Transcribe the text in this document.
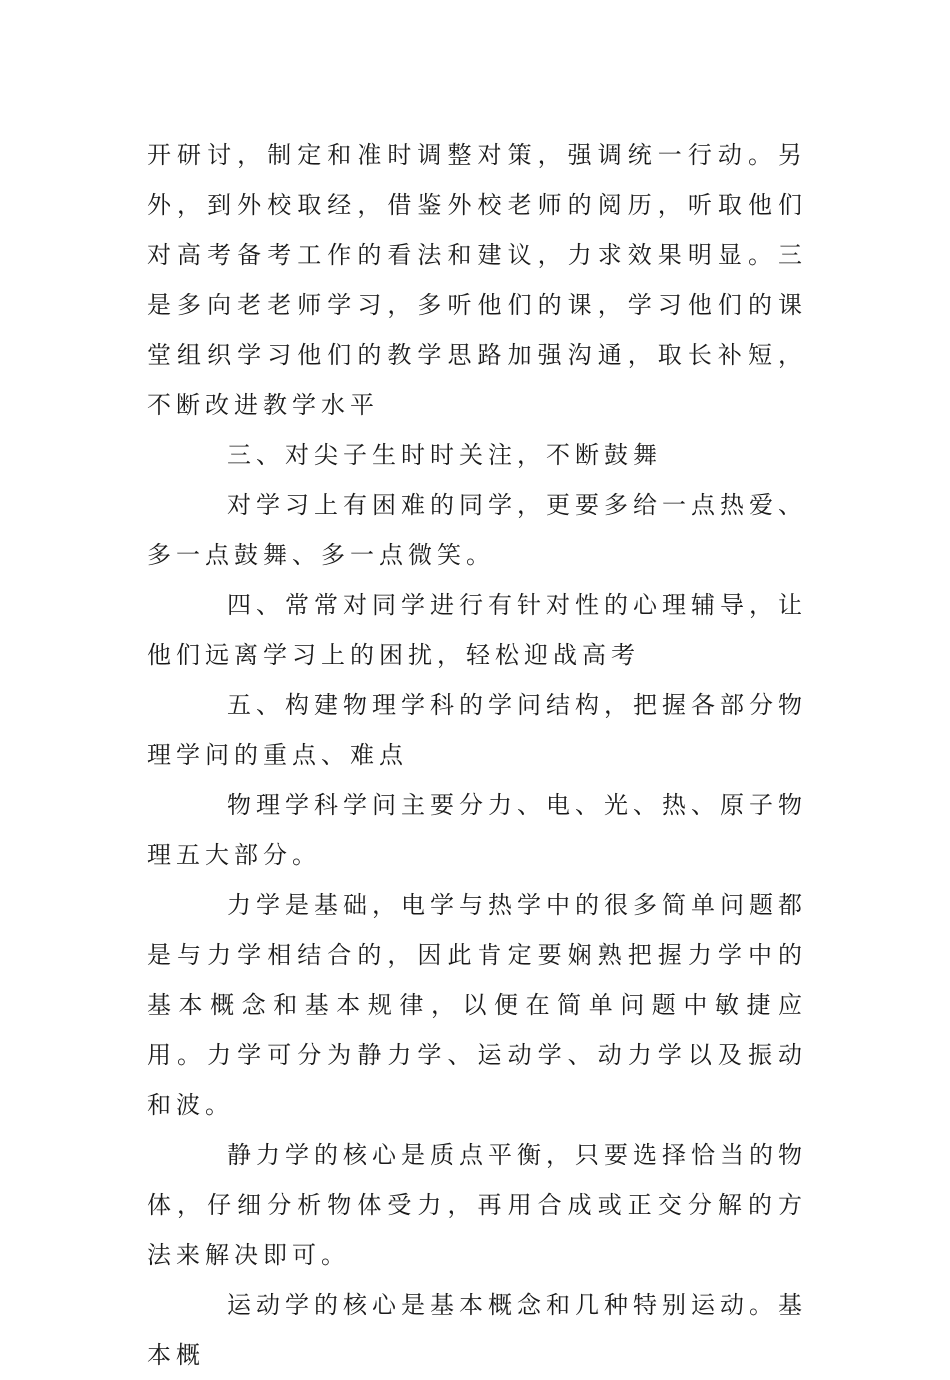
开研讨，制定和准时调整对策，强调统一行动。另外，到外校取经，借鉴外校老师的阅历，听取他们对高考备考工作的看法和建议，力求效果明显。三是多向老老师学习，多听他们的课，学习他们的课堂组织学习他们的教学思路加强沟通，取长补短，不断改进教学水平

三、对尖子生时时关注，不断鼓舞

对学习上有困难的同学，更要多给一点热爱、多一点鼓舞、多一点微笑。

四、常常对同学进行有针对性的心理辅导，让他们远离学习上的困扰，轻松迎战高考

五、构建物理学科的学问结构，把握各部分物理学问的重点、难点

物理学科学问主要分力、电、光、热、原子物理五大部分。

力学是基础，电学与热学中的很多简单问题都是与力学相结合的，因此肯定要娴熟把握力学中的基本概念和基本规律，以便在简单问题中敏捷应用。力学可分为静力学、运动学、动力学以及振动和波。

静力学的核心是质点平衡，只要选择恰当的物体，仔细分析物体受力，再用合成或正交分解的方法来解决即可。

运动学的核心是基本概念和几种特别运动。基本概
